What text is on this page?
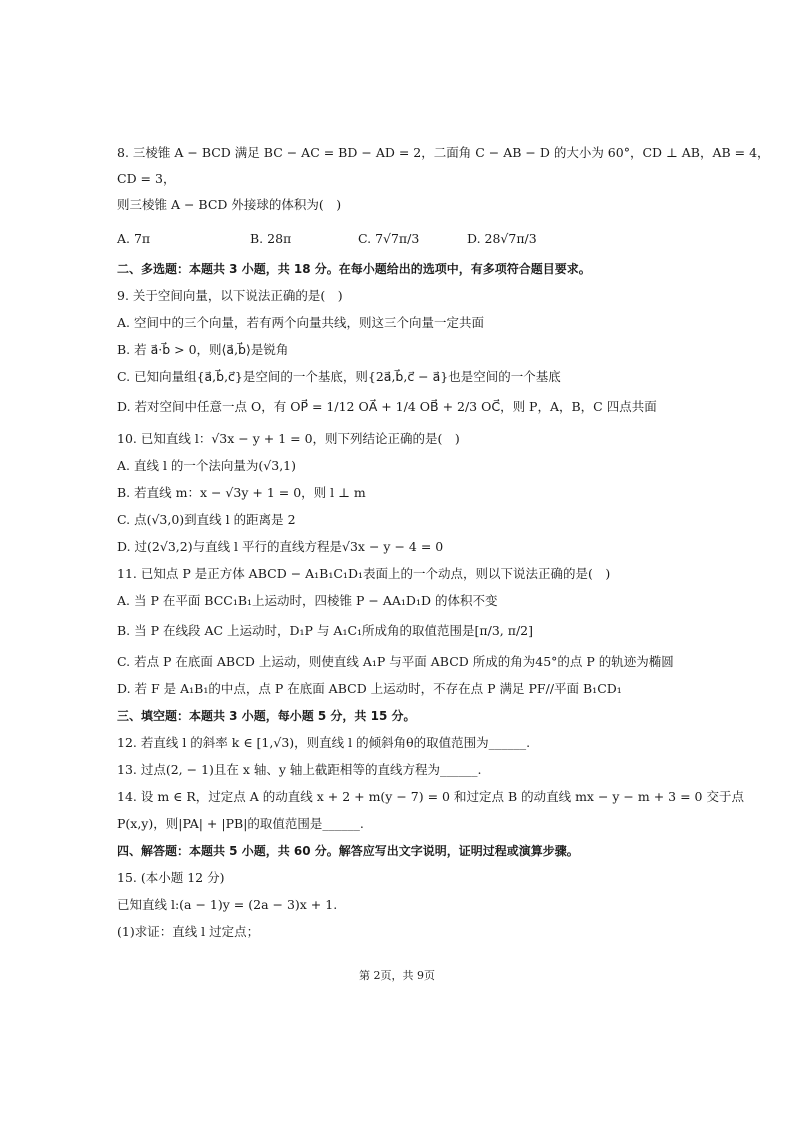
8. 三棱锥 A − BCD 满足 BC − AC = BD − AD = 2，二面角 C − AB − D 的大小为 60°，CD ⊥ AB，AB = 4，
CD = 3，
则三棱锥 A − BCD 外接球的体积为(　)
A. 7π	B. 28π	C. 7√7π/3	D. 28√7π/3
二、多选题：本题共 3 小题，共 18 分。在每小题给出的选项中，有多项符合题目要求。
9. 关于空间向量，以下说法正确的是(　)
A. 空间中的三个向量，若有两个向量共线，则这三个向量一定共面
B. 若 a⃗·b⃗ > 0，则⟨a⃗,b⃗⟩是锐角
C. 已知向量组{a⃗,b⃗,c⃗}是空间的一个基底，则{2a⃗,b⃗,c⃗ − a⃗}也是空间的一个基底
D. 若对空间中任意一点 O，有 OP⃗ = 1/12 OA⃗ + 1/4 OB⃗ + 2/3 OC⃗，则 P，A，B，C 四点共面
10. 已知直线 l：√3x − y + 1 = 0，则下列结论正确的是(　)
A. 直线 l 的一个法向量为(√3,1)
B. 若直线 m：x − √3y + 1 = 0，则 l ⊥ m
C. 点(√3,0)到直线 l 的距离是 2
D. 过(2√3,2)与直线 l 平行的直线方程是√3x − y − 4 = 0
11. 已知点 P 是正方体 ABCD − A₁B₁C₁D₁表面上的一个动点，则以下说法正确的是(　)
A. 当 P 在平面 BCC₁B₁上运动时，四棱锥 P − AA₁D₁D 的体积不变
B. 当 P 在线段 AC 上运动时，D₁P 与 A₁C₁所成角的取值范围是[π/3, π/2]
C. 若点 P 在底面 ABCD 上运动，则使直线 A₁P 与平面 ABCD 所成的角为45°的点 P 的轨迹为椭圆
D. 若 F 是 A₁B₁的中点，点 P 在底面 ABCD 上运动时，不存在点 P 满足 PF//平面 B₁CD₁
三、填空题：本题共 3 小题，每小题 5 分，共 15 分。
12. 若直线 l 的斜率 k ∈ [1,√3)，则直线 l 的倾斜角θ的取值范围为______.
13. 过点(2, − 1)且在 x 轴、y 轴上截距相等的直线方程为______.
14. 设 m ∈ R，过定点 A 的动直线 x + 2 + m(y − 7) = 0 和过定点 B 的动直线 mx − y − m + 3 = 0 交于点
P(x,y)，则|PA| + |PB|的取值范围是______.
四、解答题：本题共 5 小题，共 60 分。解答应写出文字说明，证明过程或演算步骤。
15. (本小题 12 分)
已知直线 l:(a − 1)y = (2a − 3)x + 1.
(1)求证：直线 l 过定点；
第 2页，共 9页
